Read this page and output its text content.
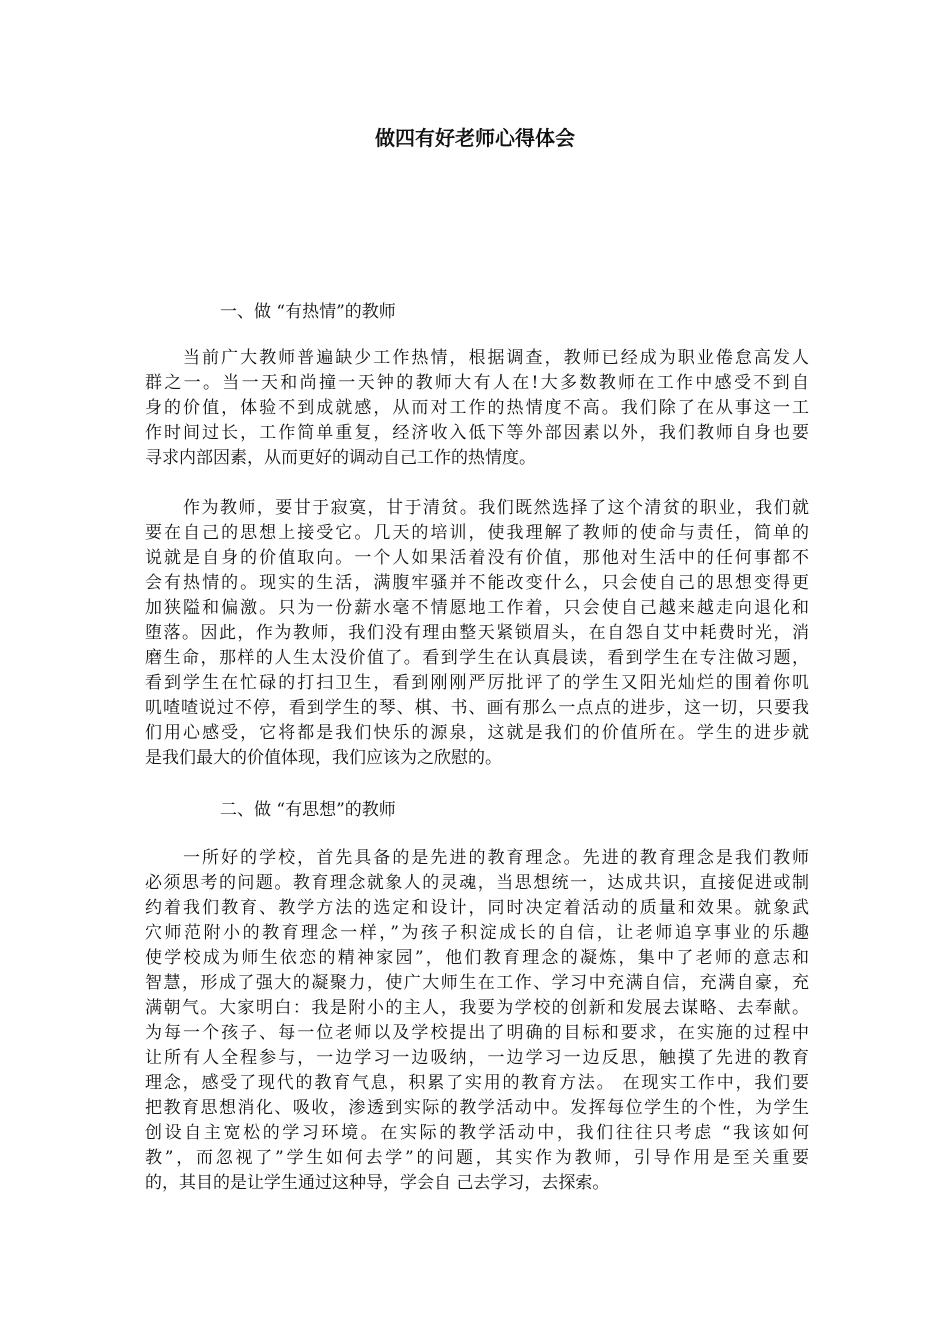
做四有好老师心得体会

一、做 “有热情”的教师

当前广大教师普遍缺少工作热情，根据调查，教师已经成为职业倦怠高发人
群之一。当一天和尚撞一天钟的教师大有人在!大多数教师在工作中感受不到自
身的价值，体验不到成就感，从而对工作的热情度不高。我们除了在从事这一工
作时间过长，工作简单重复，经济收入低下等外部因素以外，我们教师自身也要
寻求内部因素，从而更好的调动自己工作的热情度。
作为教师，要甘于寂寞，甘于清贫。我们既然选择了这个清贫的职业，我们就
要在自己的思想上接受它。几天的培训，使我理解了教师的使命与责任，简单的
说就是自身的价值取向。一个人如果活着没有价值，那他对生活中的任何事都不
会有热情的。现实的生活，满腹牢骚并不能改变什么，只会使自己的思想变得更
加狭隘和偏激。只为一份薪水毫不情愿地工作着，只会使自己越来越走向退化和
堕落。因此，作为教师，我们没有理由整天紧锁眉头，在自怨自艾中耗费时光，消
磨生命，那样的人生太没价值了。看到学生在认真晨读，看到学生在专注做习题，
看到学生在忙碌的打扫卫生，看到刚刚严厉批评了的学生又阳光灿烂的围着你叽
叽喳喳说过不停，看到学生的琴、棋、书、画有那么一点点的进步，这一切，只要我
们用心感受，它将都是我们快乐的源泉，这就是我们的价值所在。学生的进步就
是我们最大的价值体现，我们应该为之欣慰的。

二、做 “有思想”的教师

一所好的学校，首先具备的是先进的教育理念。先进的教育理念是我们教师
必须思考的问题。教育理念就象人的灵魂，当思想统一，达成共识，直接促进或制
约着我们教育、教学方法的选定和设计，同时决定着活动的质量和效果。就象武
穴师范附小的教育理念一样，”为孩子积淀成长的自信，让老师追享事业的乐趣
使学校成为师生依恋的精神家园”，他们教育理念的凝炼，集中了老师的意志和
智慧，形成了强大的凝聚力，使广大师生在工作、学习中充满自信，充满自豪，充
满朝气。大家明白：我是附小的主人，我要为学校的创新和发展去谋略、去奉献。
为每一个孩子、每一位老师以及学校提出了明确的目标和要求，在实施的过程中
让所有人全程参与，一边学习一边吸纳，一边学习一边反思，触摸了先进的教育
理念，感受了现代的教育气息，积累了实用的教育方法。 在现实工作中，我们要
把教育思想消化、吸收，渗透到实际的教学活动中。发挥每位学生的个性，为学生
创设自主宽松的学习环境。在实际的教学活动中，我们往往只考虑 “我该如何
教”，而忽视了”学生如何去学”的问题，其实作为教师，引导作用是至关重要
的，其目的是让学生通过这种导，学会自 己去学习，去探索。
